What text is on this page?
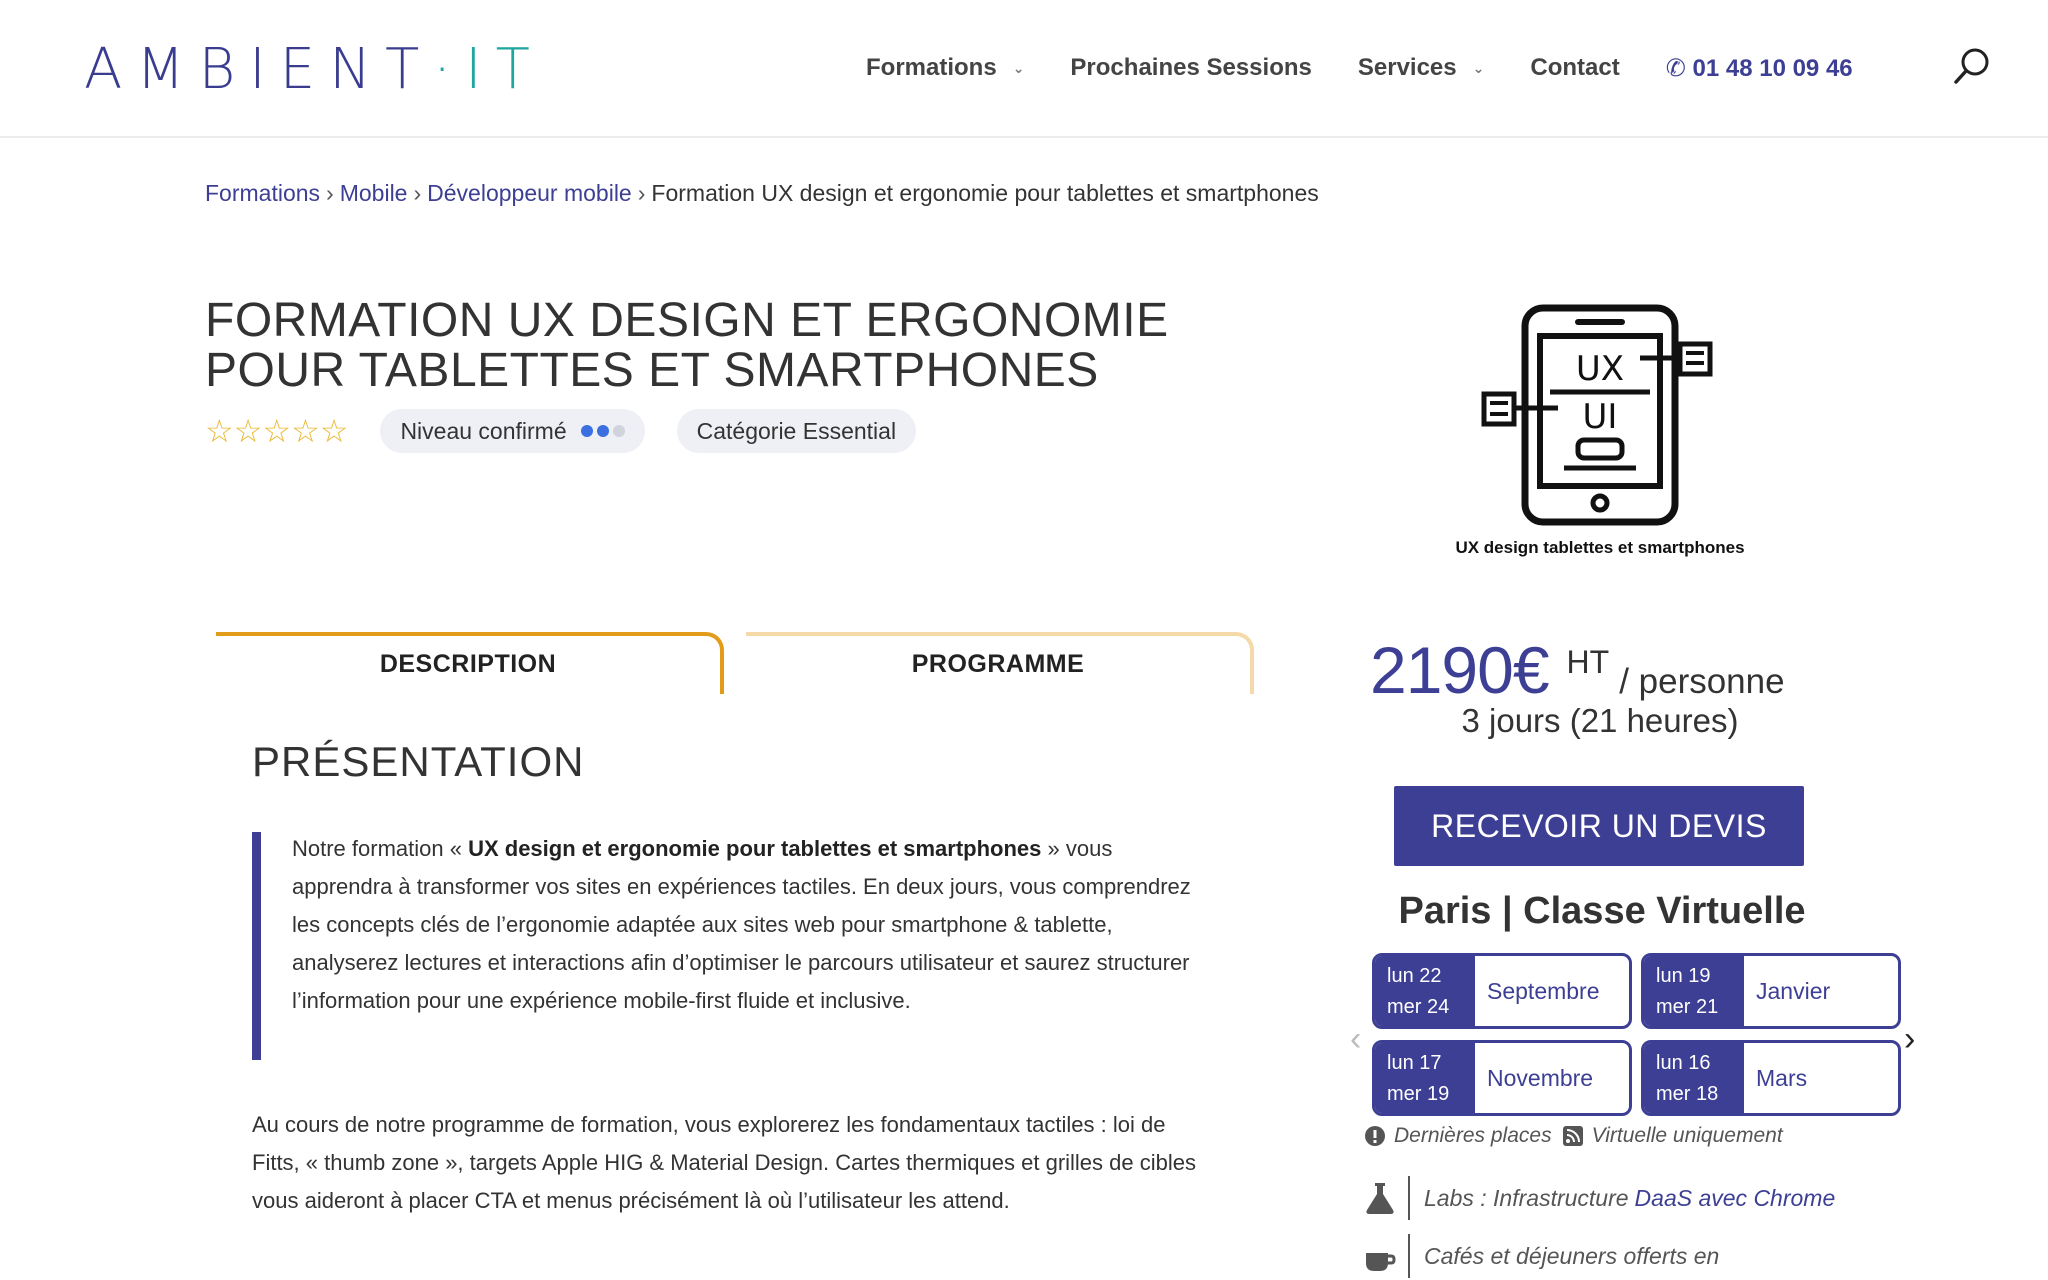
AMBIENT·IT	Formations ⌄ Prochaines Sessions Services ⌄ Contact ✆ 01 48 10 09 46
Formations › Mobile › Développeur mobile › Formation UX design et ergonomie pour tablettes et smartphones
FORMATION UX DESIGN ET ERGONOMIE POUR TABLETTES ET SMARTPHONES
☆ ☆ ☆ ☆ ☆ Niveau confirmé	Catégorie Essential
UX
UI
UX design tablettes et smartphones
DESCRIPTION	PROGRAMME
PRÉSENTATION

Notre formation « UX design et ergonomie pour tablettes et smartphones » vous apprendra à transformer vos sites en expériences tactiles. En deux jours, vous comprendrez les concepts clés de l’ergonomie adaptée aux sites web pour smartphone & tablette, analyserez lectures et interactions afin d’optimiser le parcours utilisateur et saurez structurer l’information pour une expérience mobile-first fluide et inclusive.

Au cours de notre programme de formation, vous explorerez les fondamentaux tactiles : loi de Fitts, « thumb zone », targets Apple HIG & Material Design. Cartes thermiques et grilles de cibles vous aideront à placer CTA et menus précisément là où l’utilisateur les attend.

2190€ HT / personne
3 jours (21 heures)
RECEVOIR UN DEVIS
Paris | Classe Virtuelle
lun 22
mer 24
Septembre
lun 19
mer 21
Janvier
lun 17
mer 19
Novembre
lun 16
mer 18
Mars
‹	›
Dernières places Virtuelle uniquement
Labs : Infrastructure DaaS avec Chrome
Cafés et déjeuners offerts en
